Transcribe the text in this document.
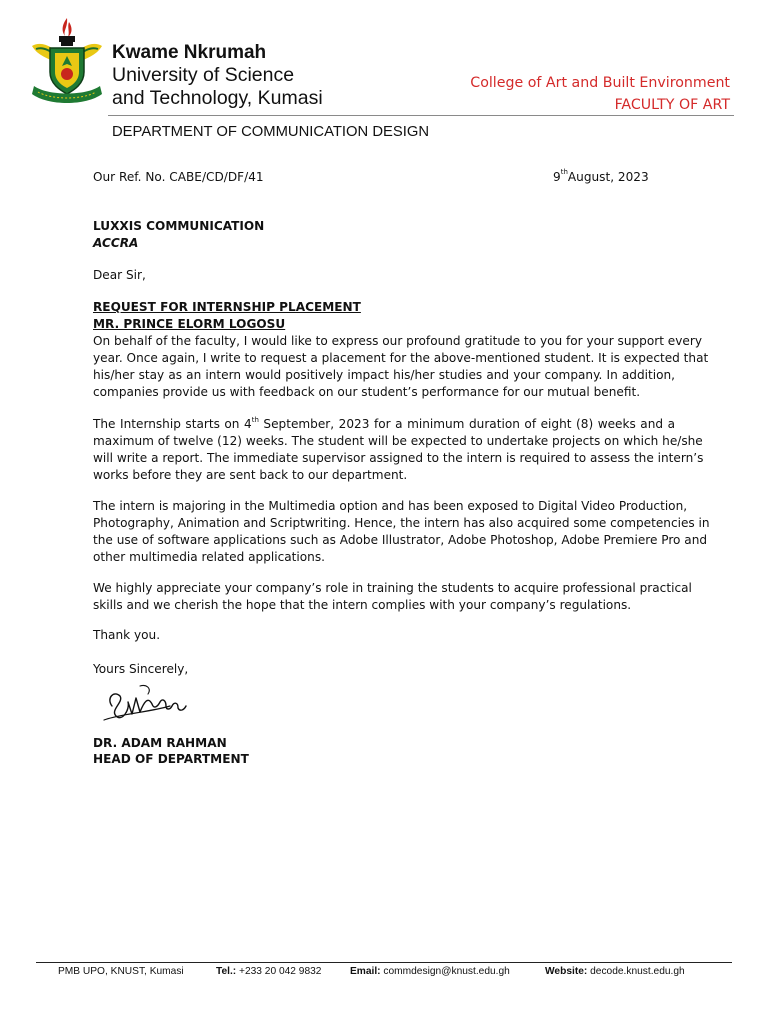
Kwame Nkrumah
University of Science
and Technology, Kumasi
College of Art and Built Environment
FACULTY OF ART
DEPARTMENT OF COMMUNICATION DESIGN
Our Ref. No. CABE/CD/DF/41	9thAugust, 2023
LUXXIS COMMUNICATION
ACCRA
Dear Sir,
REQUEST FOR INTERNSHIP PLACEMENT
MR. PRINCE ELORM LOGOSU
On behalf of the faculty, I would like to express our profound gratitude to you for your support every
year. Once again, I write to request a placement for the above-mentioned student. It is expected that
his/her stay as an intern would positively impact his/her studies and your company. In addition,
companies provide us with feedback on our student’s performance for our mutual benefit.
The Internship starts on 4th September, 2023 for a minimum duration of eight (8) weeks and a
maximum of twelve (12) weeks. The student will be expected to undertake projects on which he/she
will write a report. The immediate supervisor assigned to the intern is required to assess the intern’s
works before they are sent back to our department.
The intern is majoring in the Multimedia option and has been exposed to Digital Video Production,
Photography, Animation and Scriptwriting. Hence, the intern has also acquired some competencies in
the use of software applications such as Adobe Illustrator, Adobe Photoshop, Adobe Premiere Pro and
other multimedia related applications.
We highly appreciate your company’s role in training the students to acquire professional practical
skills and we cherish the hope that the intern complies with your company’s regulations.
Thank you.
Yours Sincerely,
DR. ADAM RAHMAN
HEAD OF DEPARTMENT
PMB UPO, KNUST, Kumasi	Tel.: +233 20 042 9832	Email: commdesign@knust.edu.gh	Website: decode.knust.edu.gh
